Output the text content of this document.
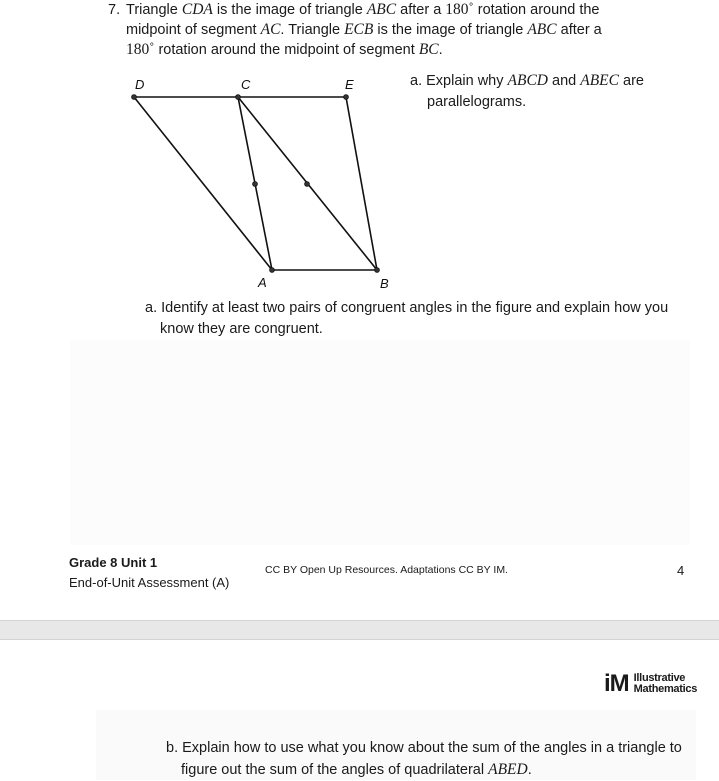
7. Triangle CDA is the image of triangle ABC after a 180˚ rotation around the
midpoint of segment AC. Triangle ECB is the image of triangle ABC after a
180˚ rotation around the midpoint of segment BC.
D	C	E
A	B
a. Explain why ABCD and ABEC are
parallelograms.
a. Identify at least two pairs of congruent angles in the figure and explain how you
know they are congruent.
Grade 8 Unit 1
End-of-Unit Assessment (A)
CC BY Open Up Resources. Adaptations CC BY IM.	4
iM Illustrative
Mathematics
b. Explain how to use what you know about the sum of the angles in a triangle to
figure out the sum of the angles of quadrilateral ABED.
